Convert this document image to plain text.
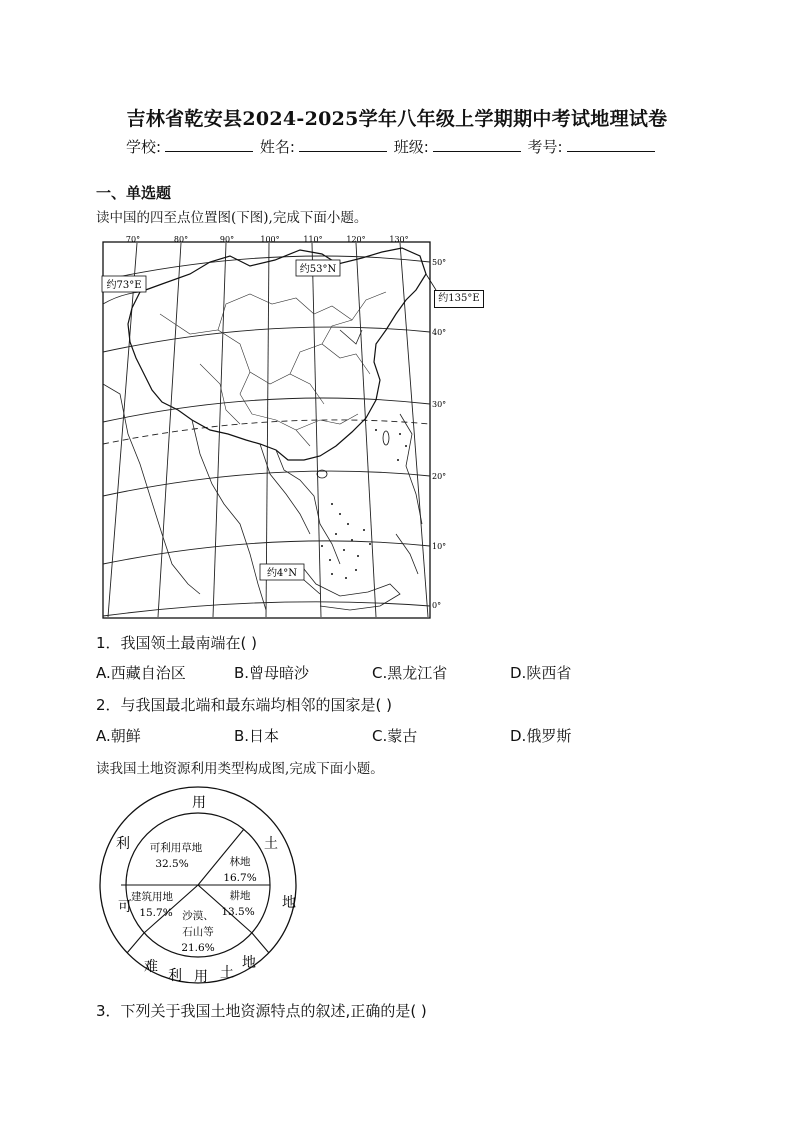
吉林省乾安县2024-2025学年八年级上学期期中考试地理试卷
学校:	姓名:	班级:	考号:
一、单选题
读中国的四至点位置图(下图),完成下面小题。
70°	80°	90°	100°	110°	120°	130°
50°
40°
30°
20°
10°
0°
约73°E
约53°N
约4°N
约135°E
1．我国领土最南端在( )
A.西藏自治区	B.曾母暗沙	C.黑龙江省	D.陕西省
2．与我国最北端和最东端均相邻的国家是( )
A.朝鲜	B.日本	C.蒙古	D.俄罗斯
读我国土地资源利用类型构成图,完成下面小题。
可
利
用
土
地
难
利 用 土
地
可利用草地
32.5%	林地
16.7%
耕地
13.5%
沙漠、
石山等
21.6%
建筑用地
15.7%
3．下列关于我国土地资源特点的叙述,正确的是( )
